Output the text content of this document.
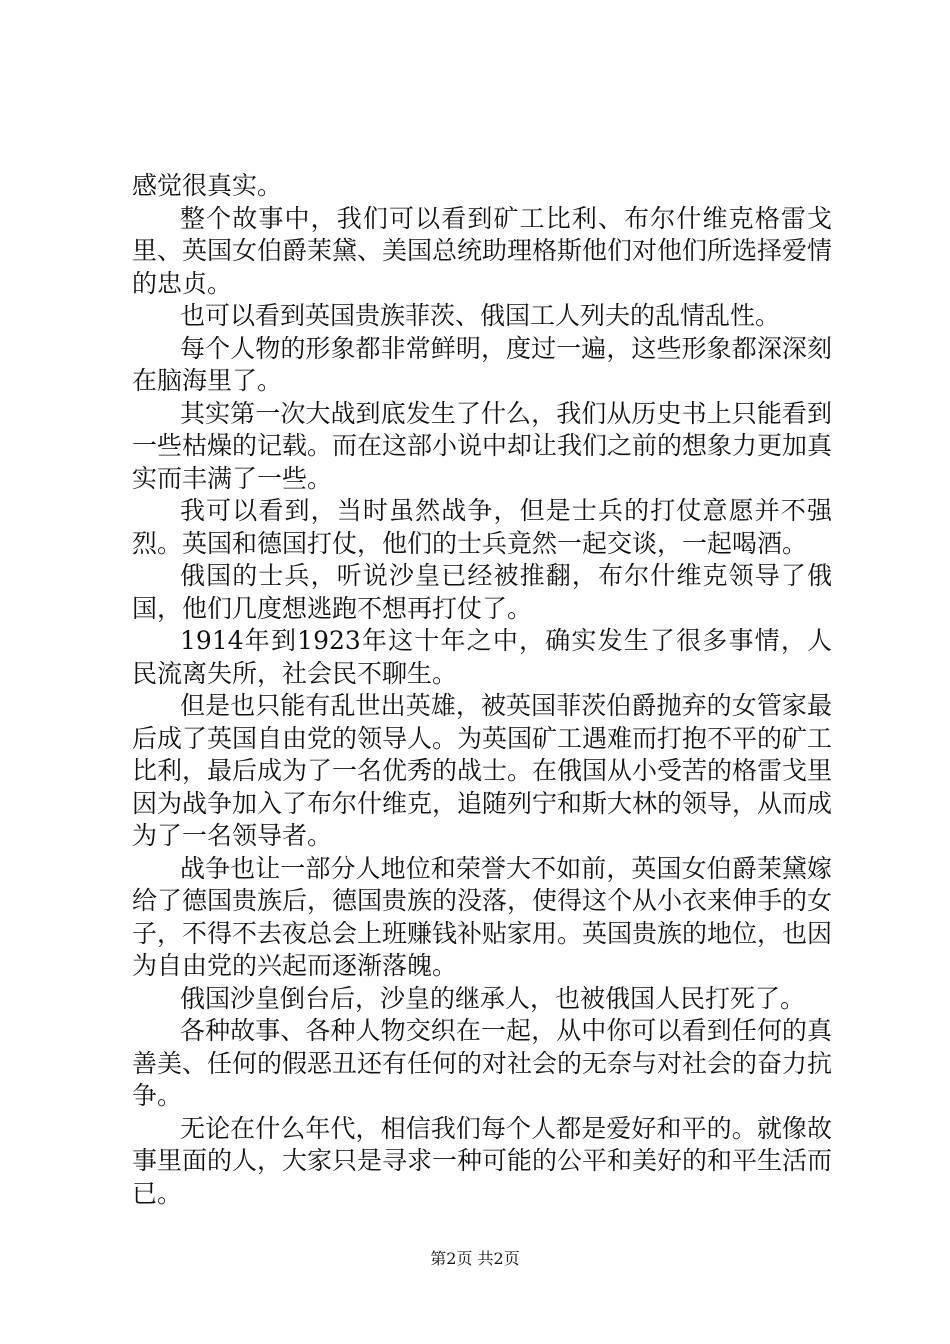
感觉很真实。

整个故事中，我们可以看到矿工比利、布尔什维克格雷戈里、英国女伯爵茉黛、美国总统助理格斯他们对他们所选择爱情的忠贞。

也可以看到英国贵族菲茨、俄国工人列夫的乱情乱性。

每个人物的形象都非常鲜明，度过一遍，这些形象都深深刻在脑海里了。

其实第一次大战到底发生了什么，我们从历史书上只能看到一些枯燥的记载。而在这部小说中却让我们之前的想象力更加真实而丰满了一些。

我可以看到，当时虽然战争，但是士兵的打仗意愿并不强烈。英国和德国打仗，他们的士兵竟然一起交谈，一起喝酒。

俄国的士兵，听说沙皇已经被推翻，布尔什维克领导了俄国，他们几度想逃跑不想再打仗了。

1914年到1923年这十年之中，确实发生了很多事情，人民流离失所，社会民不聊生。

但是也只能有乱世出英雄，被英国菲茨伯爵抛弃的女管家最后成了英国自由党的领导人。为英国矿工遇难而打抱不平的矿工比利，最后成为了一名优秀的战士。在俄国从小受苦的格雷戈里因为战争加入了布尔什维克，追随列宁和斯大林的领导，从而成为了一名领导者。

战争也让一部分人地位和荣誉大不如前，英国女伯爵茉黛嫁给了德国贵族后，德国贵族的没落，使得这个从小衣来伸手的女子，不得不去夜总会上班赚钱补贴家用。英国贵族的地位，也因为自由党的兴起而逐渐落魄。

俄国沙皇倒台后，沙皇的继承人，也被俄国人民打死了。

各种故事、各种人物交织在一起，从中你可以看到任何的真善美、任何的假恶丑还有任何的对社会的无奈与对社会的奋力抗争。

无论在什么年代，相信我们每个人都是爱好和平的。就像故事里面的人，大家只是寻求一种可能的公平和美好的和平生活而已。

第2页 共2页
